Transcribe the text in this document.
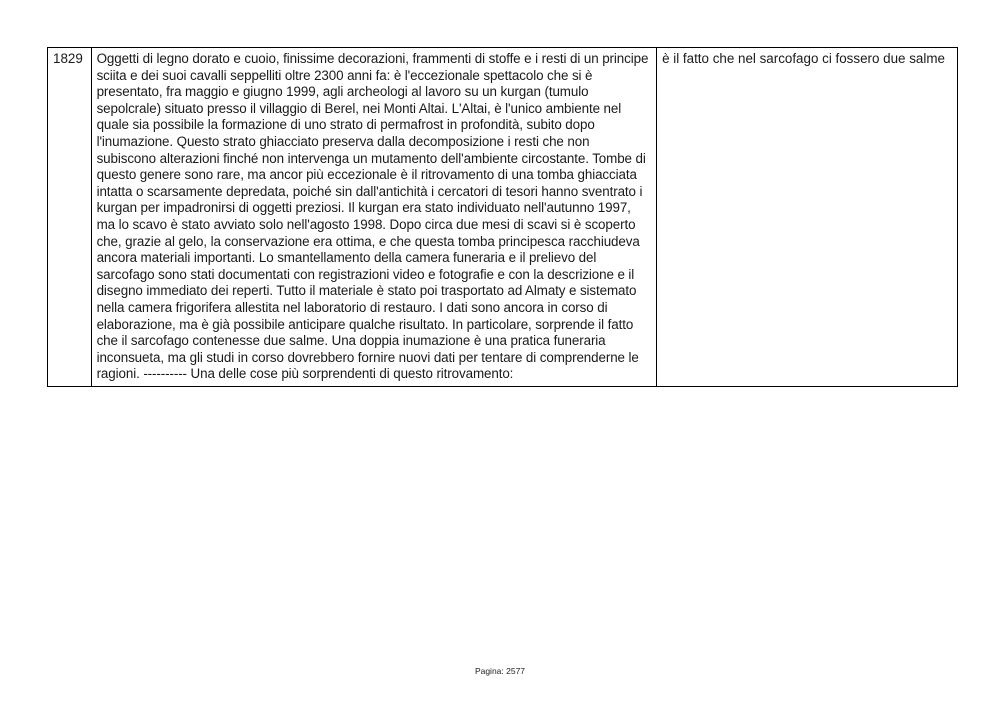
1829	Oggetti di legno dorato e cuoio, finissime decorazioni, frammenti di stoffe e i resti di un principe sciita e dei suoi cavalli seppelliti oltre 2300 anni fa: è l'eccezionale spettacolo che si è presentato, fra maggio e giugno 1999, agli archeologi al lavoro su un kurgan (tumulo sepolcrale) situato presso il villaggio di Berel, nei Monti Altai. L'Altai, è l'unico ambiente nel quale sia possibile la formazione di uno strato di permafrost in profondità, subito dopo l'inumazione. Questo strato ghiacciato preserva dalla decomposizione i resti che non subiscono alterazioni finché non intervenga un mutamento dell'ambiente circostante. Tombe di questo genere sono rare, ma ancor più eccezionale è il ritrovamento di una tomba ghiacciata intatta o scarsamente depredata, poiché sin dall'antichità i cercatori di tesori hanno sventrato i kurgan per impadronirsi di oggetti preziosi. Il kurgan era stato individuato nell'autunno 1997, ma lo scavo è stato avviato solo nell'agosto 1998. Dopo circa due mesi di scavi si è scoperto che, grazie al gelo, la conservazione era ottima, e che questa tomba principesca racchiudeva ancora materiali importanti. Lo smantellamento della camera funeraria e il prelievo del sarcofago sono stati documentati con registrazioni video e fotografie e con la descrizione e il disegno immediato dei reperti. Tutto il materiale è stato poi trasportato ad Almaty e sistemato nella camera frigorifera allestita nel laboratorio di restauro. I dati sono ancora in corso di elaborazione, ma è già possibile anticipare qualche risultato. In particolare, sorprende il fatto che il sarcofago contenesse due salme. Una doppia inumazione è una pratica funeraria inconsueta, ma gli studi in corso dovrebbero fornire nuovi dati per tentare di comprenderne le ragioni. ---------- Una delle cose più sorprendenti di questo ritrovamento:	è il fatto che nel sarcofago ci fossero due salme
Pagina: 2577
